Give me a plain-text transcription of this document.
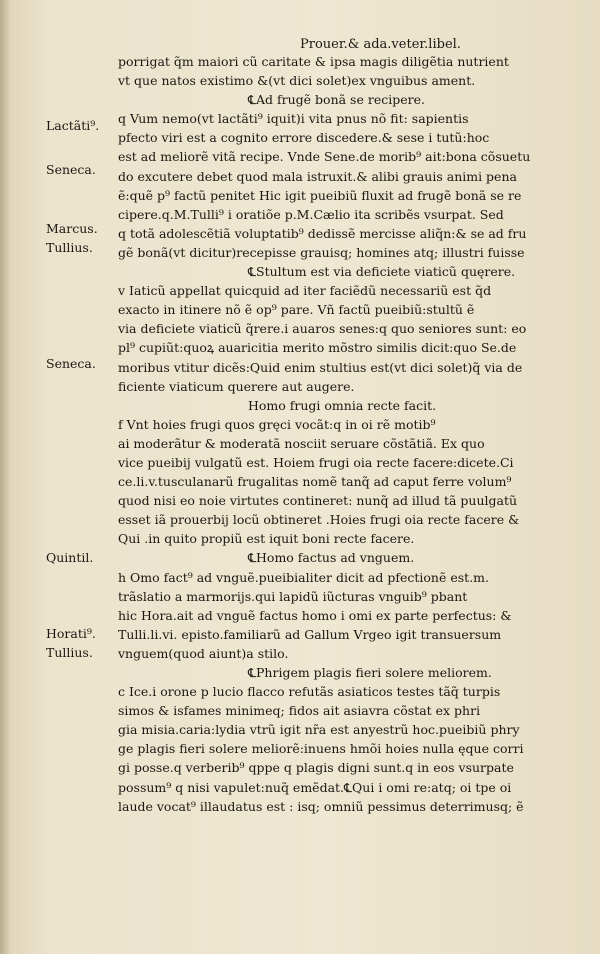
Prouer.& ada.veter.libel.
Lactãti⁹.
Seneca.
Marcus.
Tullius.
Seneca.
Quintil.
Horati⁹.
Tullius.
porrigat q̃m maiori cũ caritate & ipsa magis diligẽtia nutrient
vt que natos existimo &(vt dici solet)ex vnguibus ament.
℄Ad frugẽ bonã se recipere.
q Vum nemo(vt lactãti⁹ iquit)i vita pnus nõ fit: sapientis
pfecto viri est a cognito errore discedere.& sese i tutũ:hoc
est ad meliorẽ vitã recipe. Vnde Sene.de morib⁹ ait:bona cõsuetu
do excutere debet quod mala istruxit.& alibi grauis animi pena
ẽ:quẽ p⁹ factũ penitet Hic igit pueibiũ fluxit ad frugẽ bonã se re
cipere.q.M.Tulli⁹ i oratiõe p.M.Cælio ita scribẽs vsurpat. Sed
q totã adolescẽtiã voluptatib⁹ dedissẽ mercisse aliq̃n:& se ad fru
gẽ bonã(vt dicitur)recepisse grauisq; homines atq; illustri fuisse
℄Stultum est via deficiete viaticũ quęrere.
v Iaticũ appellat quicquid ad iter faciẽdũ necessariũ est q̃d
exacto in itinere nõ ẽ op⁹ pare. Vñ factũ pueibiũ:stultũ ẽ
via deficiete viaticũ q̃rere.i auaros senes:q quo seniores sunt: eo
pl⁹ cupiũt:quoꝝ auaricitia merito mõstro similis dicit:quo Se.de
moribus vtitur dicẽs:Quid enim stultius est(vt dici solet)q̃ via de
ficiente viaticum querere aut augere.
Homo frugi omnia recte facit.
f Vnt hoies frugi quos gręci vocãt:q in oi rẽ motib⁹
ai moderãtur & moderatã nosciit seruare cõstãtiã. Ex quo
vice pueibij vulgatũ est. Hoiem frugi oia recte facere:dicete.Ci
ce.li.v.tusculanarũ frugalitas nomẽ tanq̃ ad caput ferre volum⁹
quod nisi eo noie virtutes contineret: nunq̃ ad illud tã puulgatũ
esset iã prouerbij locũ obtineret .Hoies frugi oia recte facere &
Qui .in quito propiũ est iquit boni recte facere.
℄Homo factus ad vnguem.
h Omo fact⁹ ad vnguẽ.pueibialiter dicit ad pfectionẽ est.m.
trãslatio a marmorijs.qui lapidũ iũcturas vnguib⁹ pbant
hic Hora.ait ad vnguẽ factus homo i omi ex parte perfectus: &
Tulli.li.vi. episto.familiarũ ad Gallum Vrgeo igit transuersum
vnguem(quod aiunt)a stilo.
℄Phrigem plagis fieri solere meliorem.
c Ice.i orone p lucio flacco refutãs asiaticos testes tãq̃ turpis
simos & isfames minimeq; fidos ait asiavra cõstat ex phri
gia misia.caria:lydia vtrũ igit nr̃a est anyestrũ hoc.pueibiũ phry
ge plagis fieri solere meliorẽ:inuens hmõi hoies nulla ęque corri
gi posse.q verberib⁹ qppe q plagis digni sunt.q in eos vsurpate
possum⁹ q nisi vapulet:nuq̃ emẽdat.℄Qui i omi re:atq; oi tpe oi
laude vocat⁹ illaudatus est : isq; omniũ pessimus deterrimusq; ẽ
